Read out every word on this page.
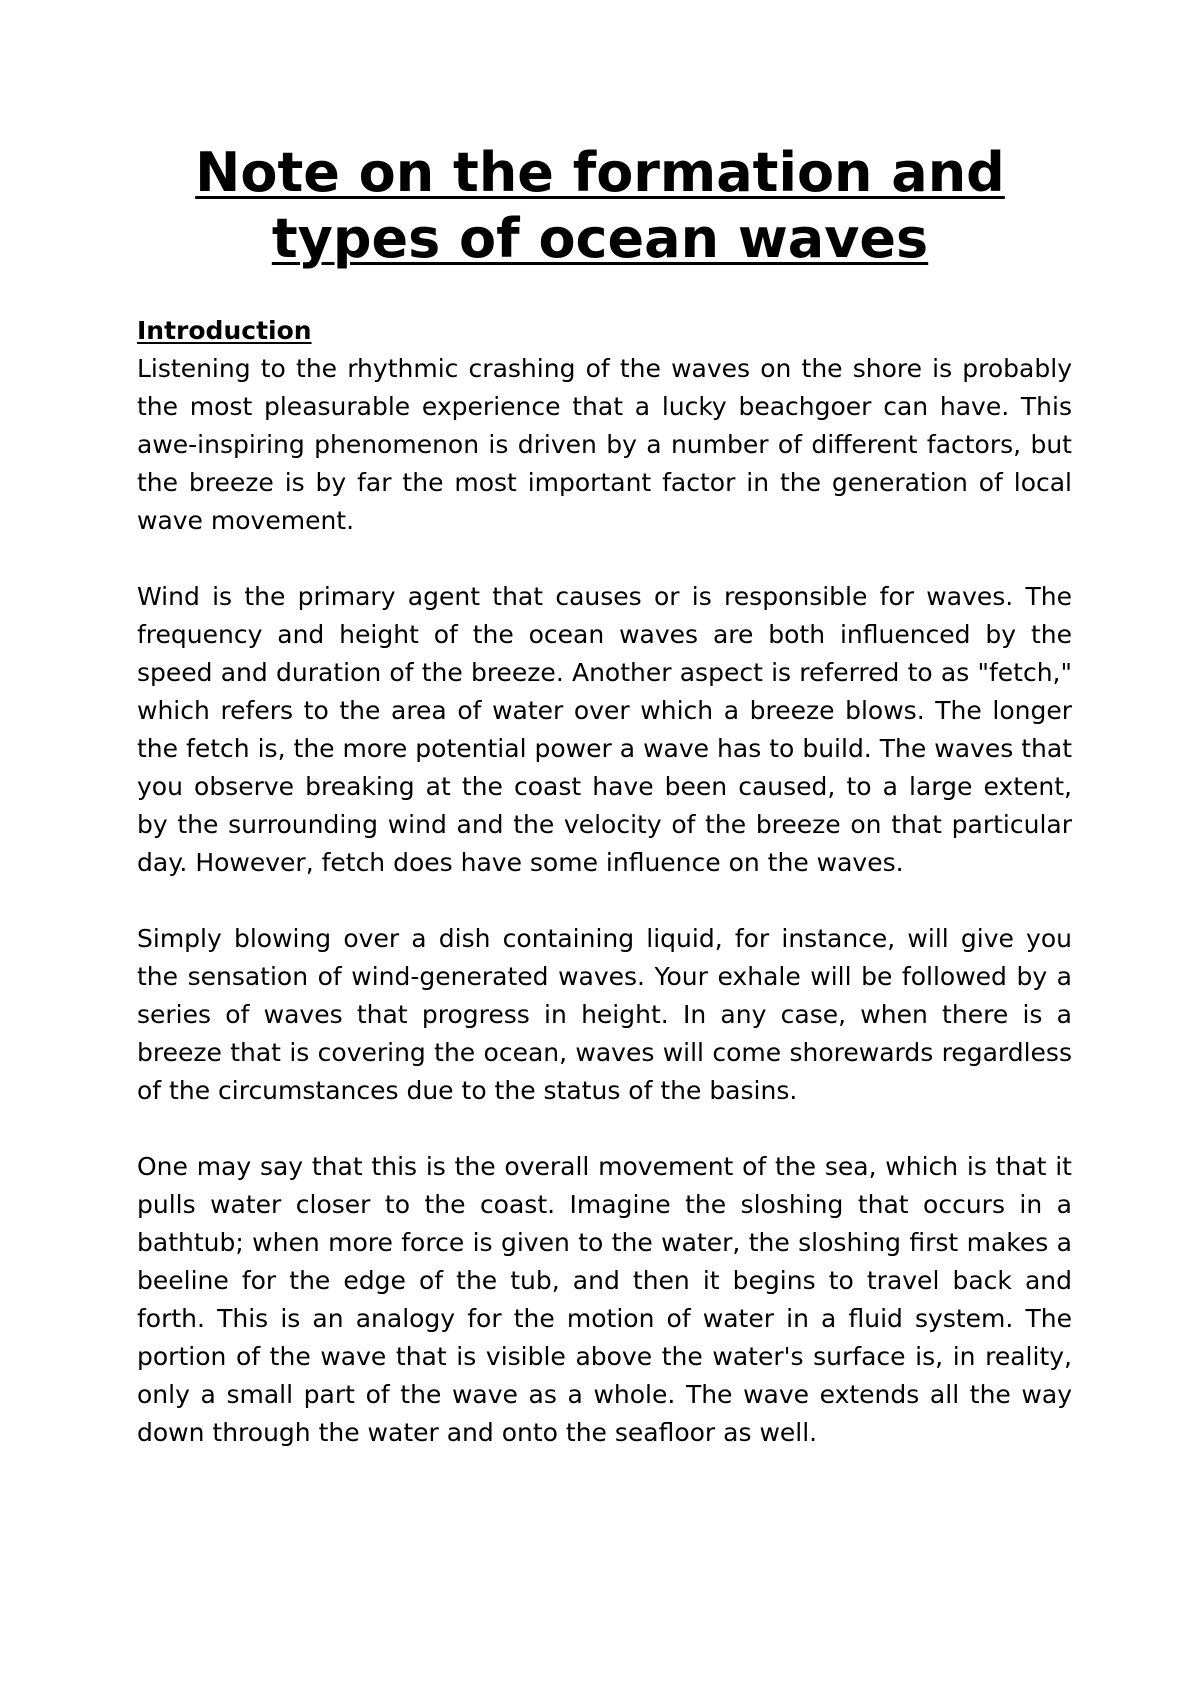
Note on the formation and
types of ocean waves
Introduction

Listening to the rhythmic crashing of the waves on the shore is probably the most pleasurable experience that a lucky beachgoer can have. This awe-inspiring phenomenon is driven by a number of different factors, but the breeze is by far the most important factor in the generation of local wave movement.

Wind is the primary agent that causes or is responsible for waves. The frequency and height of the ocean waves are both influenced by the speed and duration of the breeze. Another aspect is referred to as "fetch," which refers to the area of water over which a breeze blows. The longer the fetch is, the more potential power a wave has to build. The waves that you observe breaking at the coast have been caused, to a large extent, by the surrounding wind and the velocity of the breeze on that particular day. However, fetch does have some influence on the waves.

Simply blowing over a dish containing liquid, for instance, will give you the sensation of wind-generated waves. Your exhale will be followed by a series of waves that progress in height. In any case, when there is a breeze that is covering the ocean, waves will come shorewards regardless of the circumstances due to the status of the basins.

One may say that this is the overall movement of the sea, which is that it pulls water closer to the coast. Imagine the sloshing that occurs in a bathtub; when more force is given to the water, the sloshing first makes a beeline for the edge of the tub, and then it begins to travel back and forth. This is an analogy for the motion of water in a fluid system. The portion of the wave that is visible above the water's surface is, in reality, only a small part of the wave as a whole. The wave extends all the way down through the water and onto the seafloor as well.
